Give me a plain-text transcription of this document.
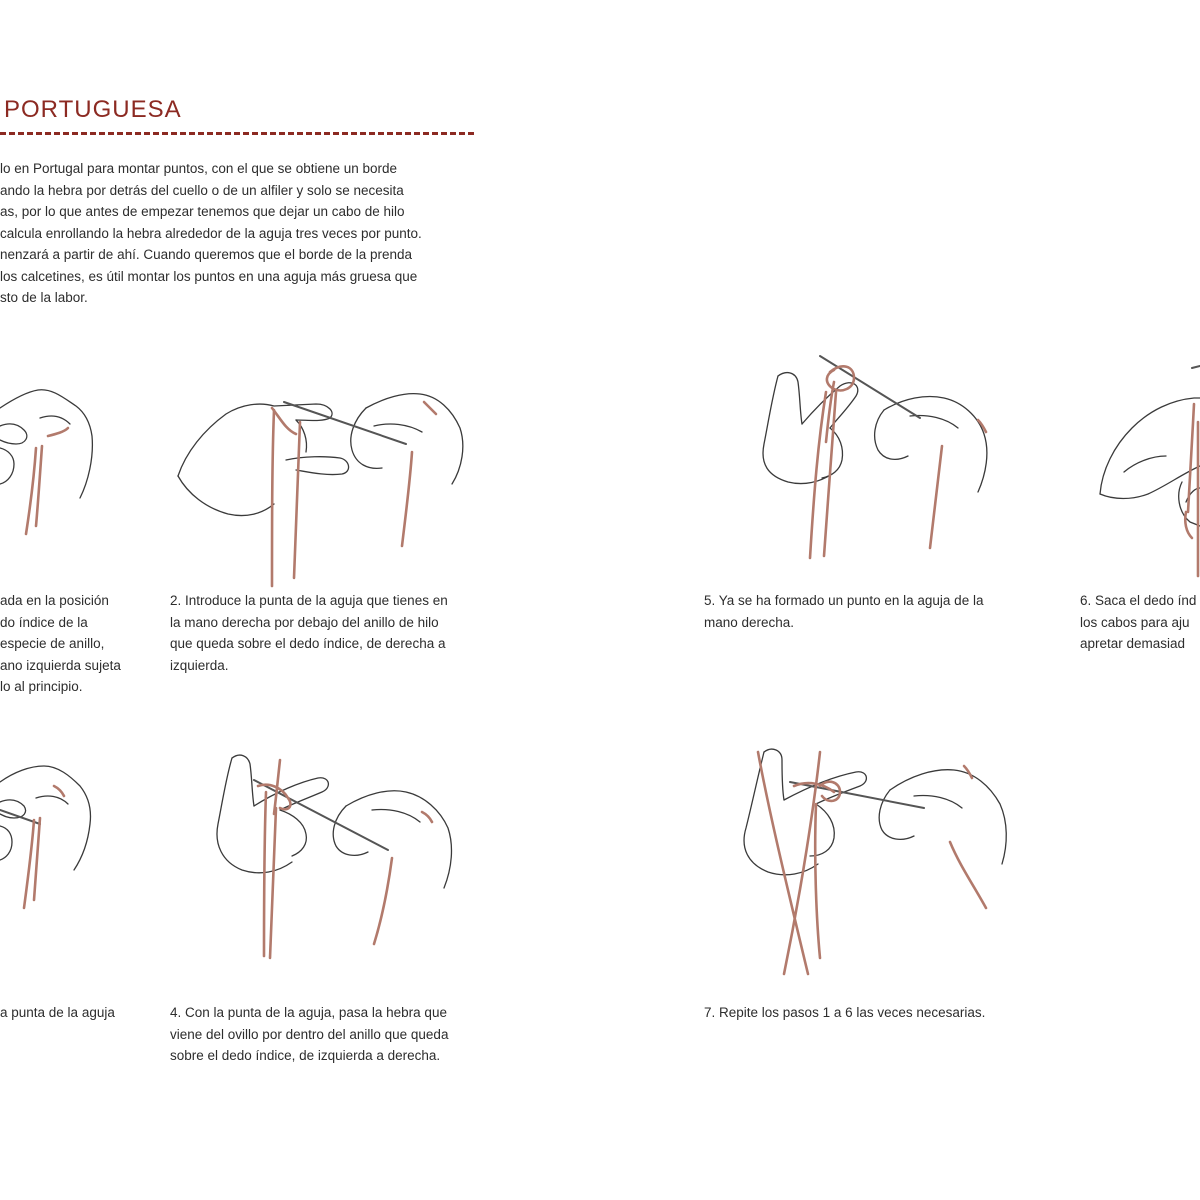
PORTUGUESA
lo en Portugal para montar puntos, con el que se obtiene un borde
ando la hebra por detrás del cuello o de un alfiler y solo se necesita
as, por lo que antes de empezar tenemos que dejar un cabo de hilo
calcula enrollando la hebra alrededor de la aguja tres veces por punto.
nenzará a partir de ahí. Cuando queremos que el borde de la prenda
los calcetines, es útil montar los puntos en una aguja más gruesa que
sto de la labor.
ada en la posición
do índice de la
especie de anillo,
ano izquierda sujeta
lo al principio.
2. Introduce la punta de la aguja que tienes en
la mano derecha por debajo del anillo de hilo
que queda sobre el dedo índice, de derecha a
izquierda.
a punta de la aguja	4. Con la punta de la aguja, pasa la hebra que
viene del ovillo por dentro del anillo que queda
sobre el dedo índice, de izquierda a derecha.
5. Ya se ha formado un punto en la aguja de la
mano derecha.
6. Saca el dedo índ
los cabos para aju
apretar demasiad
7. Repite los pasos 1 a 6 las veces necesarias.
